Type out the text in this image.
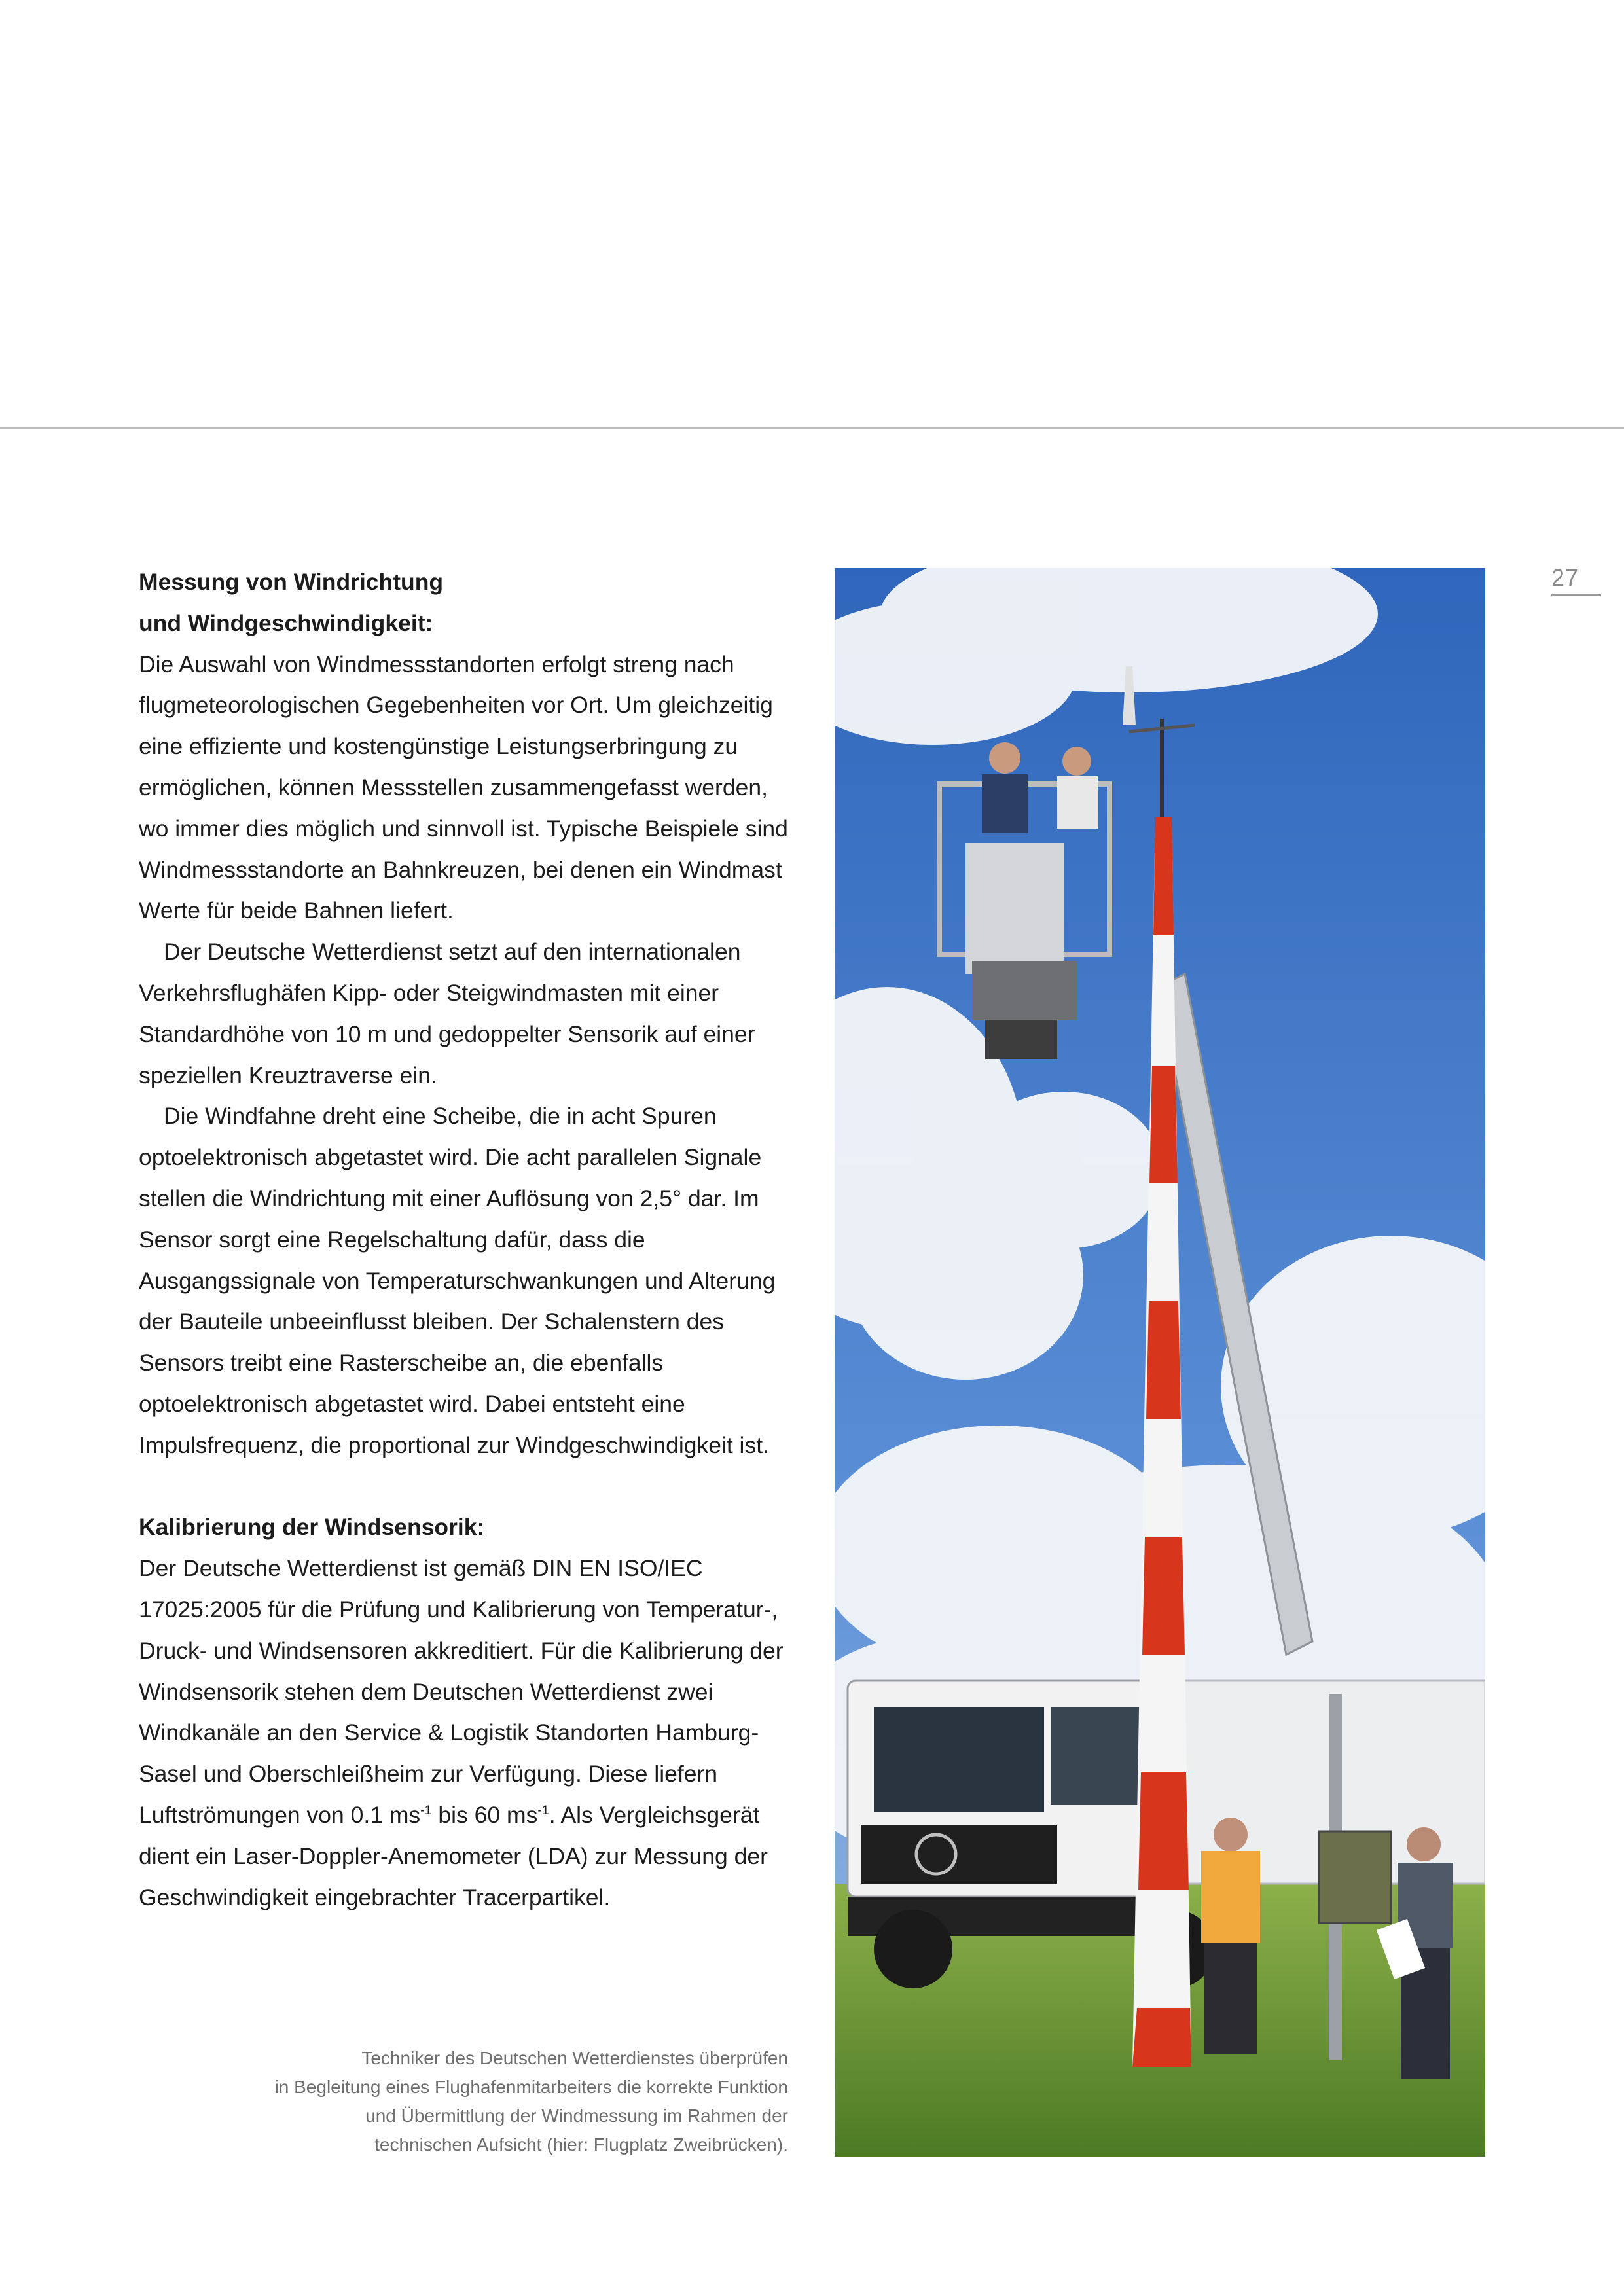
27
Messung von Windrichtung
und Windgeschwindigkeit:

Die Auswahl von Windmessstandorten erfolgt streng nach flugmeteorologischen Gegebenheiten vor Ort. Um gleichzeitig eine effiziente und kostengünstige Leistungserbringung zu ermöglichen, können Messstellen zusammengefasst werden, wo immer dies möglich und sinnvoll ist. Typische Beispiele sind Windmessstandorte an Bahnkreuzen, bei denen ein Windmast Werte für beide Bahnen liefert.

Der Deutsche Wetterdienst setzt auf den internationalen Verkehrsflughäfen Kipp- oder Steigwindmasten mit einer Standardhöhe von 10 m und gedoppelter Sensorik auf einer speziellen Kreuztraverse ein.

Die Windfahne dreht eine Scheibe, die in acht Spuren optoelektronisch abgetastet wird. Die acht parallelen Signale stellen die Windrichtung mit einer Auflösung von 2,5° dar. Im Sensor sorgt eine Regelschaltung dafür, dass die Ausgangssignale von Temperaturschwankungen und Alterung der Bauteile unbeeinflusst bleiben. Der Schalenstern des Sensors treibt eine Rasterscheibe an, die ebenfalls optoelektronisch abgetastet wird. Dabei entsteht eine Impulsfrequenz, die proportional zur Windgeschwindigkeit ist.

Kalibrierung der Windsensorik:

Der Deutsche Wetterdienst ist gemäß DIN EN ISO/IEC 17025:2005 für die Prüfung und Kalibrierung von Temperatur-, Druck- und Windsensoren akkreditiert. Für die Kalibrierung der Windsensorik stehen dem Deutschen Wetterdienst zwei Windkanäle an den Service & Logistik Standorten Hamburg-Sasel und Oberschleißheim zur Verfügung. Diese liefern Luftströmungen von 0.1 $ms^{-1}$ bis 60 $ms^{-1}$. Als Vergleichsgerät dient ein Laser-Doppler-Anemometer (LDA) zur Messung der Geschwindigkeit eingebrachter Tracerpartikel.

Techniker des Deutschen Wetterdienstes überprüfen
in Begleitung eines Flughafenmitarbeiters die korrekte Funktion
und Übermittlung der Windmessung im Rahmen der
technischen Aufsicht (hier: Flugplatz Zweibrücken).
